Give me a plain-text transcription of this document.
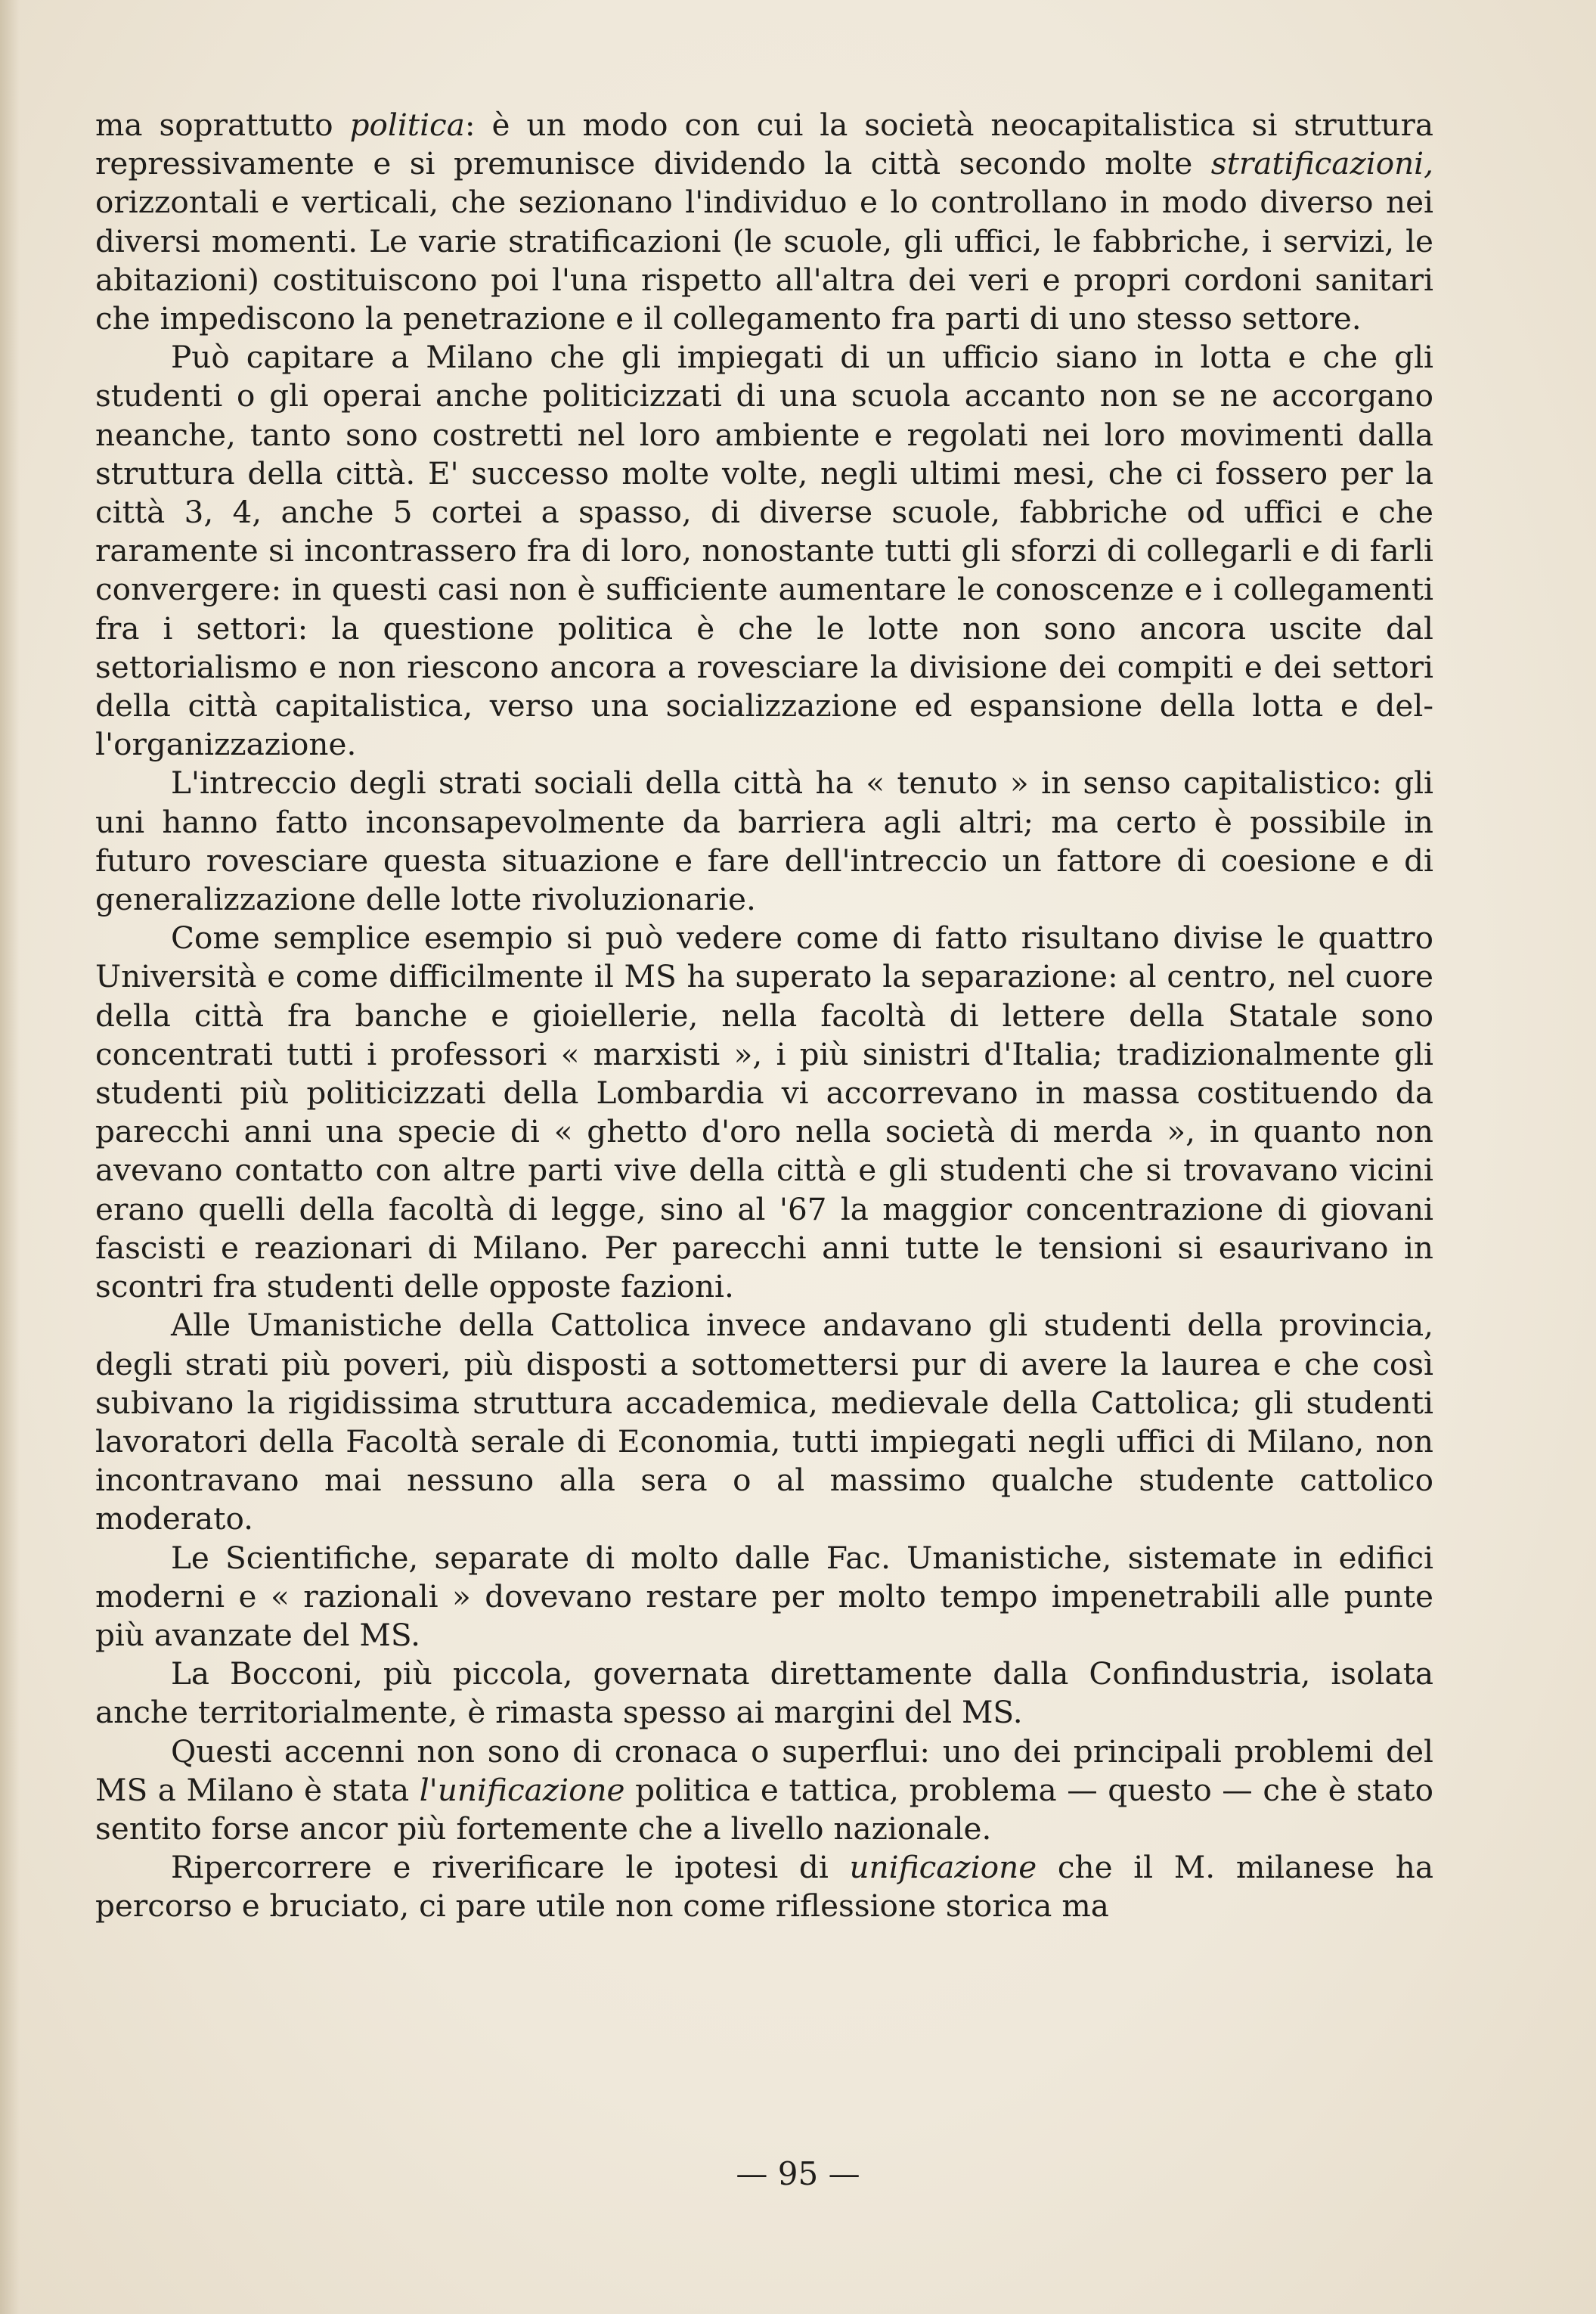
ma soprattutto politica: è un modo con cui la società neocapitalistica si struttura repressivamente e si premunisce dividendo la città secondo molte stratificazioni, orizzontali e verticali, che sezionano l'individuo e lo controllano in modo diverso nei diversi momenti. Le varie stratificazioni (le scuole, gli uffici, le fabbriche, i servizi, le abitazioni) costituiscono poi l'una rispetto all'altra dei veri e propri cordoni sanitari che impediscono la penetrazione e il collegamento fra parti di uno stesso settore.

Può capitare a Milano che gli impiegati di un ufficio siano in lotta e che gli studenti o gli operai anche politicizzati di una scuola accanto non se ne accorgano neanche, tanto sono costretti nel loro ambiente e regolati nei loro movimenti dalla struttura della città. E' successo molte volte, negli ultimi mesi, che ci fossero per la città 3, 4, anche 5 cortei a spasso, di diverse scuole, fabbriche od uffici e che raramente si incontrassero fra di loro, nonostante tutti gli sforzi di collegarli e di farli convergere: in questi casi non è sufficiente aumentare le conoscenze e i collegamenti fra i settori: la questione politica è che le lotte non sono ancora uscite dal settorialismo e non riescono ancora a rovesciare la divisione dei compiti e dei settori della città capitalistica, verso una socializzazione ed espansione della lotta e dell'organizzazione.

L'intreccio degli strati sociali della città ha « tenuto » in senso capitalistico: gli uni hanno fatto inconsapevolmente da barriera agli altri; ma certo è possibile in futuro rovesciare questa situazione e fare dell'intreccio un fattore di coesione e di generalizzazione delle lotte rivoluzionarie.

Come semplice esempio si può vedere come di fatto risultano divise le quattro Università e come difficilmente il MS ha superato la separazione: al centro, nel cuore della città fra banche e gioiellerie, nella facoltà di lettere della Statale sono concentrati tutti i professori « marxisti », i più sinistri d'Italia; tradizionalmente gli studenti più politicizzati della Lombardia vi accorrevano in massa costituendo da parecchi anni una specie di « ghetto d'oro nella società di merda », in quanto non avevano contatto con altre parti vive della città e gli studenti che si trovavano vicini erano quelli della facoltà di legge, sino al '67 la maggior concentrazione di giovani fascisti e reazionari di Milano. Per parecchi anni tutte le tensioni si esaurivano in scontri fra studenti delle opposte fazioni.

Alle Umanistiche della Cattolica invece andavano gli studenti della provincia, degli strati più poveri, più disposti a sottomettersi pur di avere la laurea e che così subivano la rigidissima struttura accademica, medievale della Cattolica; gli studenti lavoratori della Facoltà serale di Economia, tutti impiegati negli uffici di Milano, non incontravano mai nessuno alla sera o al massimo qualche studente cattolico moderato.

Le Scientifiche, separate di molto dalle Fac. Umanistiche, sistemate in edifici moderni e « razionali » dovevano restare per molto tempo impenetrabili alle punte più avanzate del MS.

La Bocconi, più piccola, governata direttamente dalla Confindustria, isolata anche territorialmente, è rimasta spesso ai margini del MS.

Questi accenni non sono di cronaca o superflui: uno dei principali problemi del MS a Milano è stata l'unificazione politica e tattica, problema — questo — che è stato sentito forse ancor più fortemente che a livello nazionale.

Ripercorrere e riverificare le ipotesi di unificazione che il M. milanese ha percorso e bruciato, ci pare utile non come riflessione storica ma

— 95 —
